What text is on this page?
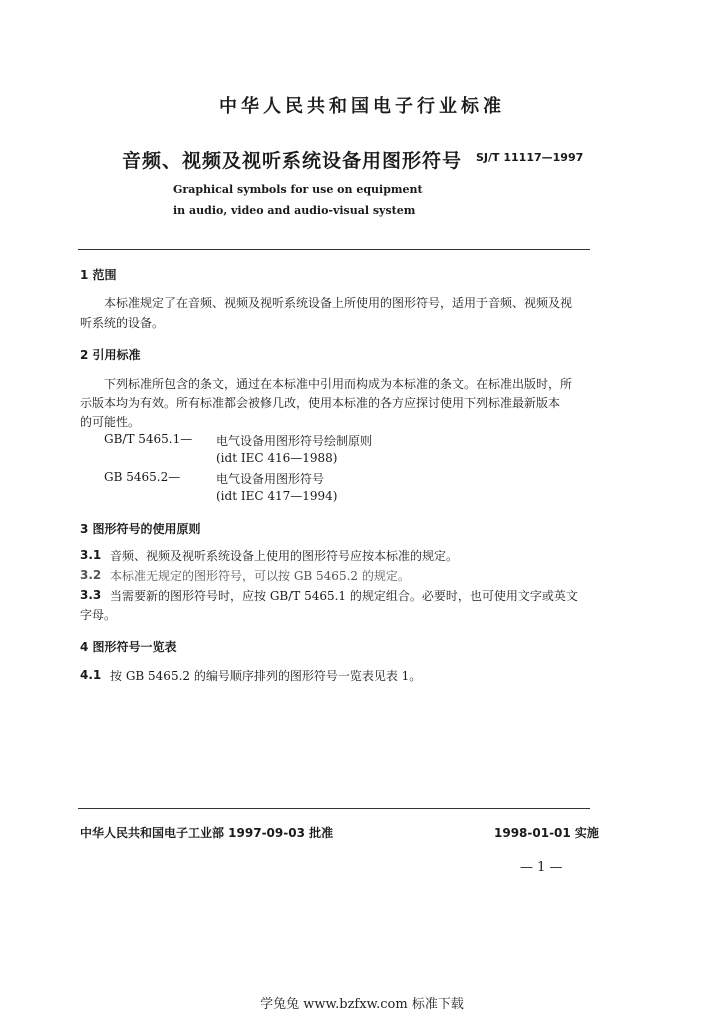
中华人民共和国电子行业标准
音频、视频及视听系统设备用图形符号 SJ/T 11117—1997
Graphical symbols for use on equipment
in audio, video and audio-visual system
1 范围
本标准规定了在音频、视频及视听系统设备上所使用的图形符号，适用于音频、视频及视
听系统的设备。
2 引用标准
下列标准所包含的条文，通过在本标准中引用而构成为本标准的条文。在标准出版时，所
示版本均为有效。所有标准都会被修几改，使用本标准的各方应探讨使用下列标准最新版本
的可能性。
GB/T 5465.1— 电气设备用图形符号绘制原则
(idt IEC 416—1988)
GB 5465.2—	电气设备用图形符号
(idt IEC 417—1994)
3 图形符号的使用原则
3.1 音频、视频及视听系统设备上使用的图形符号应按本标准的规定。
3.2 本标准无规定的图形符号，可以按 GB 5465.2 的规定。
3.3 当需要新的图形符号时，应按 GB/T 5465.1 的规定组合。必要时，也可使用文字或英文
字母。
4 图形符号一览表
4.1 按 GB 5465.2 的编号顺序排列的图形符号一览表见表 1。
中华人民共和国电子工业部 1997-09-03 批准	1998-01-01 实施
— 1 —
学兔兔 www.bzfxw.com 标准下载
